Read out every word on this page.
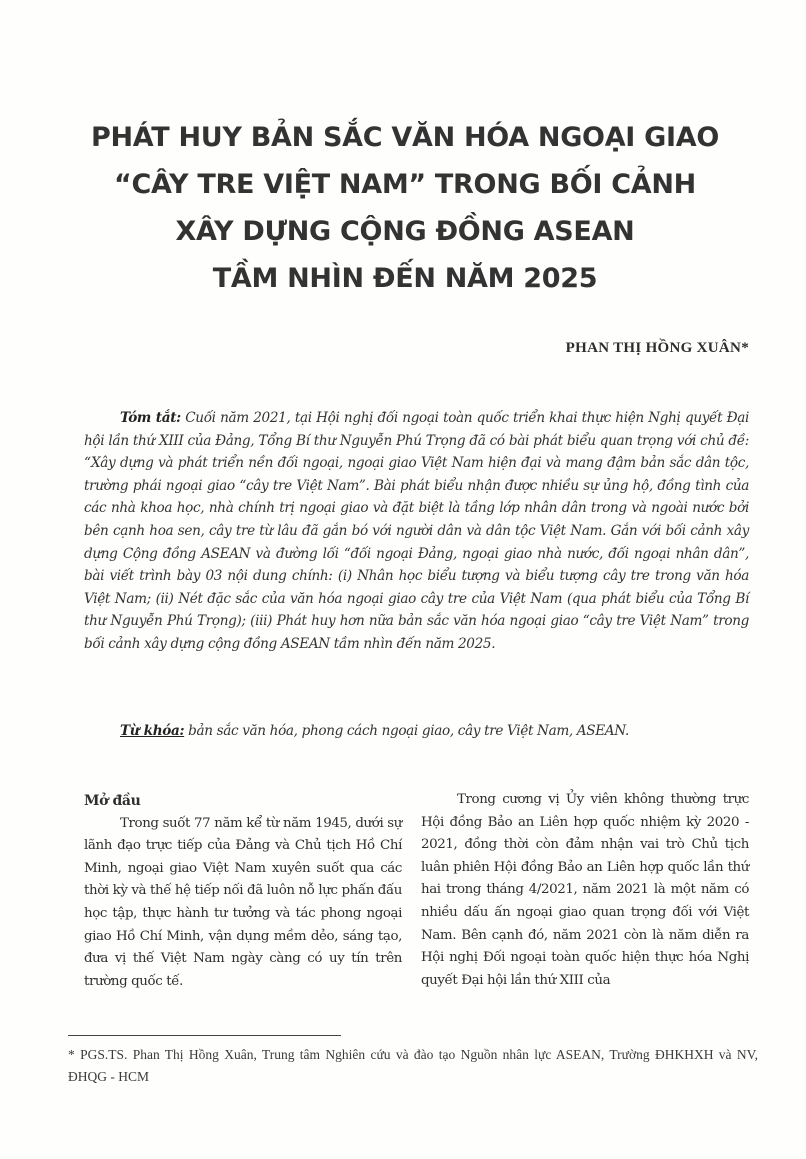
PHÁT HUY BẢN SẮC VĂN HÓA NGOẠI GIAO
“CÂY TRE VIỆT NAM” TRONG BỐI CẢNH
XÂY DỰNG CỘNG ĐỒNG ASEAN
TẦM NHÌN ĐẾN NĂM 2025
PHAN THỊ HỒNG XUÂN*
Tóm tắt: Cuối năm 2021, tại Hội nghị đối ngoại toàn quốc triển khai thực hiện Nghị quyết Đại hội lần thứ XIII của Đảng, Tổng Bí thư Nguyễn Phú Trọng đã có bài phát biểu quan trọng với chủ đề: “Xây dựng và phát triển nền đối ngoại, ngoại giao Việt Nam hiện đại và mang đậm bản sắc dân tộc, trường phái ngoại giao “cây tre Việt Nam”. Bài phát biểu nhận được nhiều sự ủng hộ, đồng tình của các nhà khoa học, nhà chính trị ngoại giao và đặt biệt là tầng lớp nhân dân trong và ngoài nước bởi bên cạnh hoa sen, cây tre từ lâu đã gắn bó với người dân và dân tộc Việt Nam. Gắn với bối cảnh xây dựng Cộng đồng ASEAN và đường lối “đối ngoại Đảng, ngoại giao nhà nước, đối ngoại nhân dân”, bài viết trình bày 03 nội dung chính: (i) Nhân học biểu tượng và biểu tượng cây tre trong văn hóa Việt Nam; (ii) Nét đặc sắc của văn hóa ngoại giao cây tre của Việt Nam (qua phát biểu của Tổng Bí thư Nguyễn Phú Trọng); (iii) Phát huy hơn nữa bản sắc văn hóa ngoại giao “cây tre Việt Nam” trong bối cảnh xây dựng cộng đồng ASEAN tầm nhìn đến năm 2025.
Từ khóa: bản sắc văn hóa, phong cách ngoại giao, cây tre Việt Nam, ASEAN.
Mở đầu

Trong suốt 77 năm kể từ năm 1945, dưới sự lãnh đạo trực tiếp của Đảng và Chủ tịch Hồ Chí Minh, ngoại giao Việt Nam xuyên suốt qua các thời kỳ và thế hệ tiếp nối đã luôn nỗ lực phấn đấu học tập, thực hành tư tưởng và tác phong ngoại giao Hồ Chí Minh, vận dụng mềm dẻo, sáng tạo, đưa vị thế Việt Nam ngày càng có uy tín trên trường quốc tế.

Trong cương vị Ủy viên không thường trực Hội đồng Bảo an Liên hợp quốc nhiệm kỳ 2020 - 2021, đồng thời còn đảm nhận vai trò Chủ tịch luân phiên Hội đồng Bảo an Liên hợp quốc lần thứ hai trong tháng 4/2021, năm 2021 là một năm có nhiều dấu ấn ngoại giao quan trọng đối với Việt Nam. Bên cạnh đó, năm 2021 còn là năm diễn ra Hội nghị Đối ngoại toàn quốc hiện thực hóa Nghị quyết Đại hội lần thứ XIII của

* PGS.TS. Phan Thị Hồng Xuân, Trung tâm Nghiên cứu và đào tạo Nguồn nhân lực ASEAN, Trường ĐHKHXH và NV, ĐHQG - HCM
